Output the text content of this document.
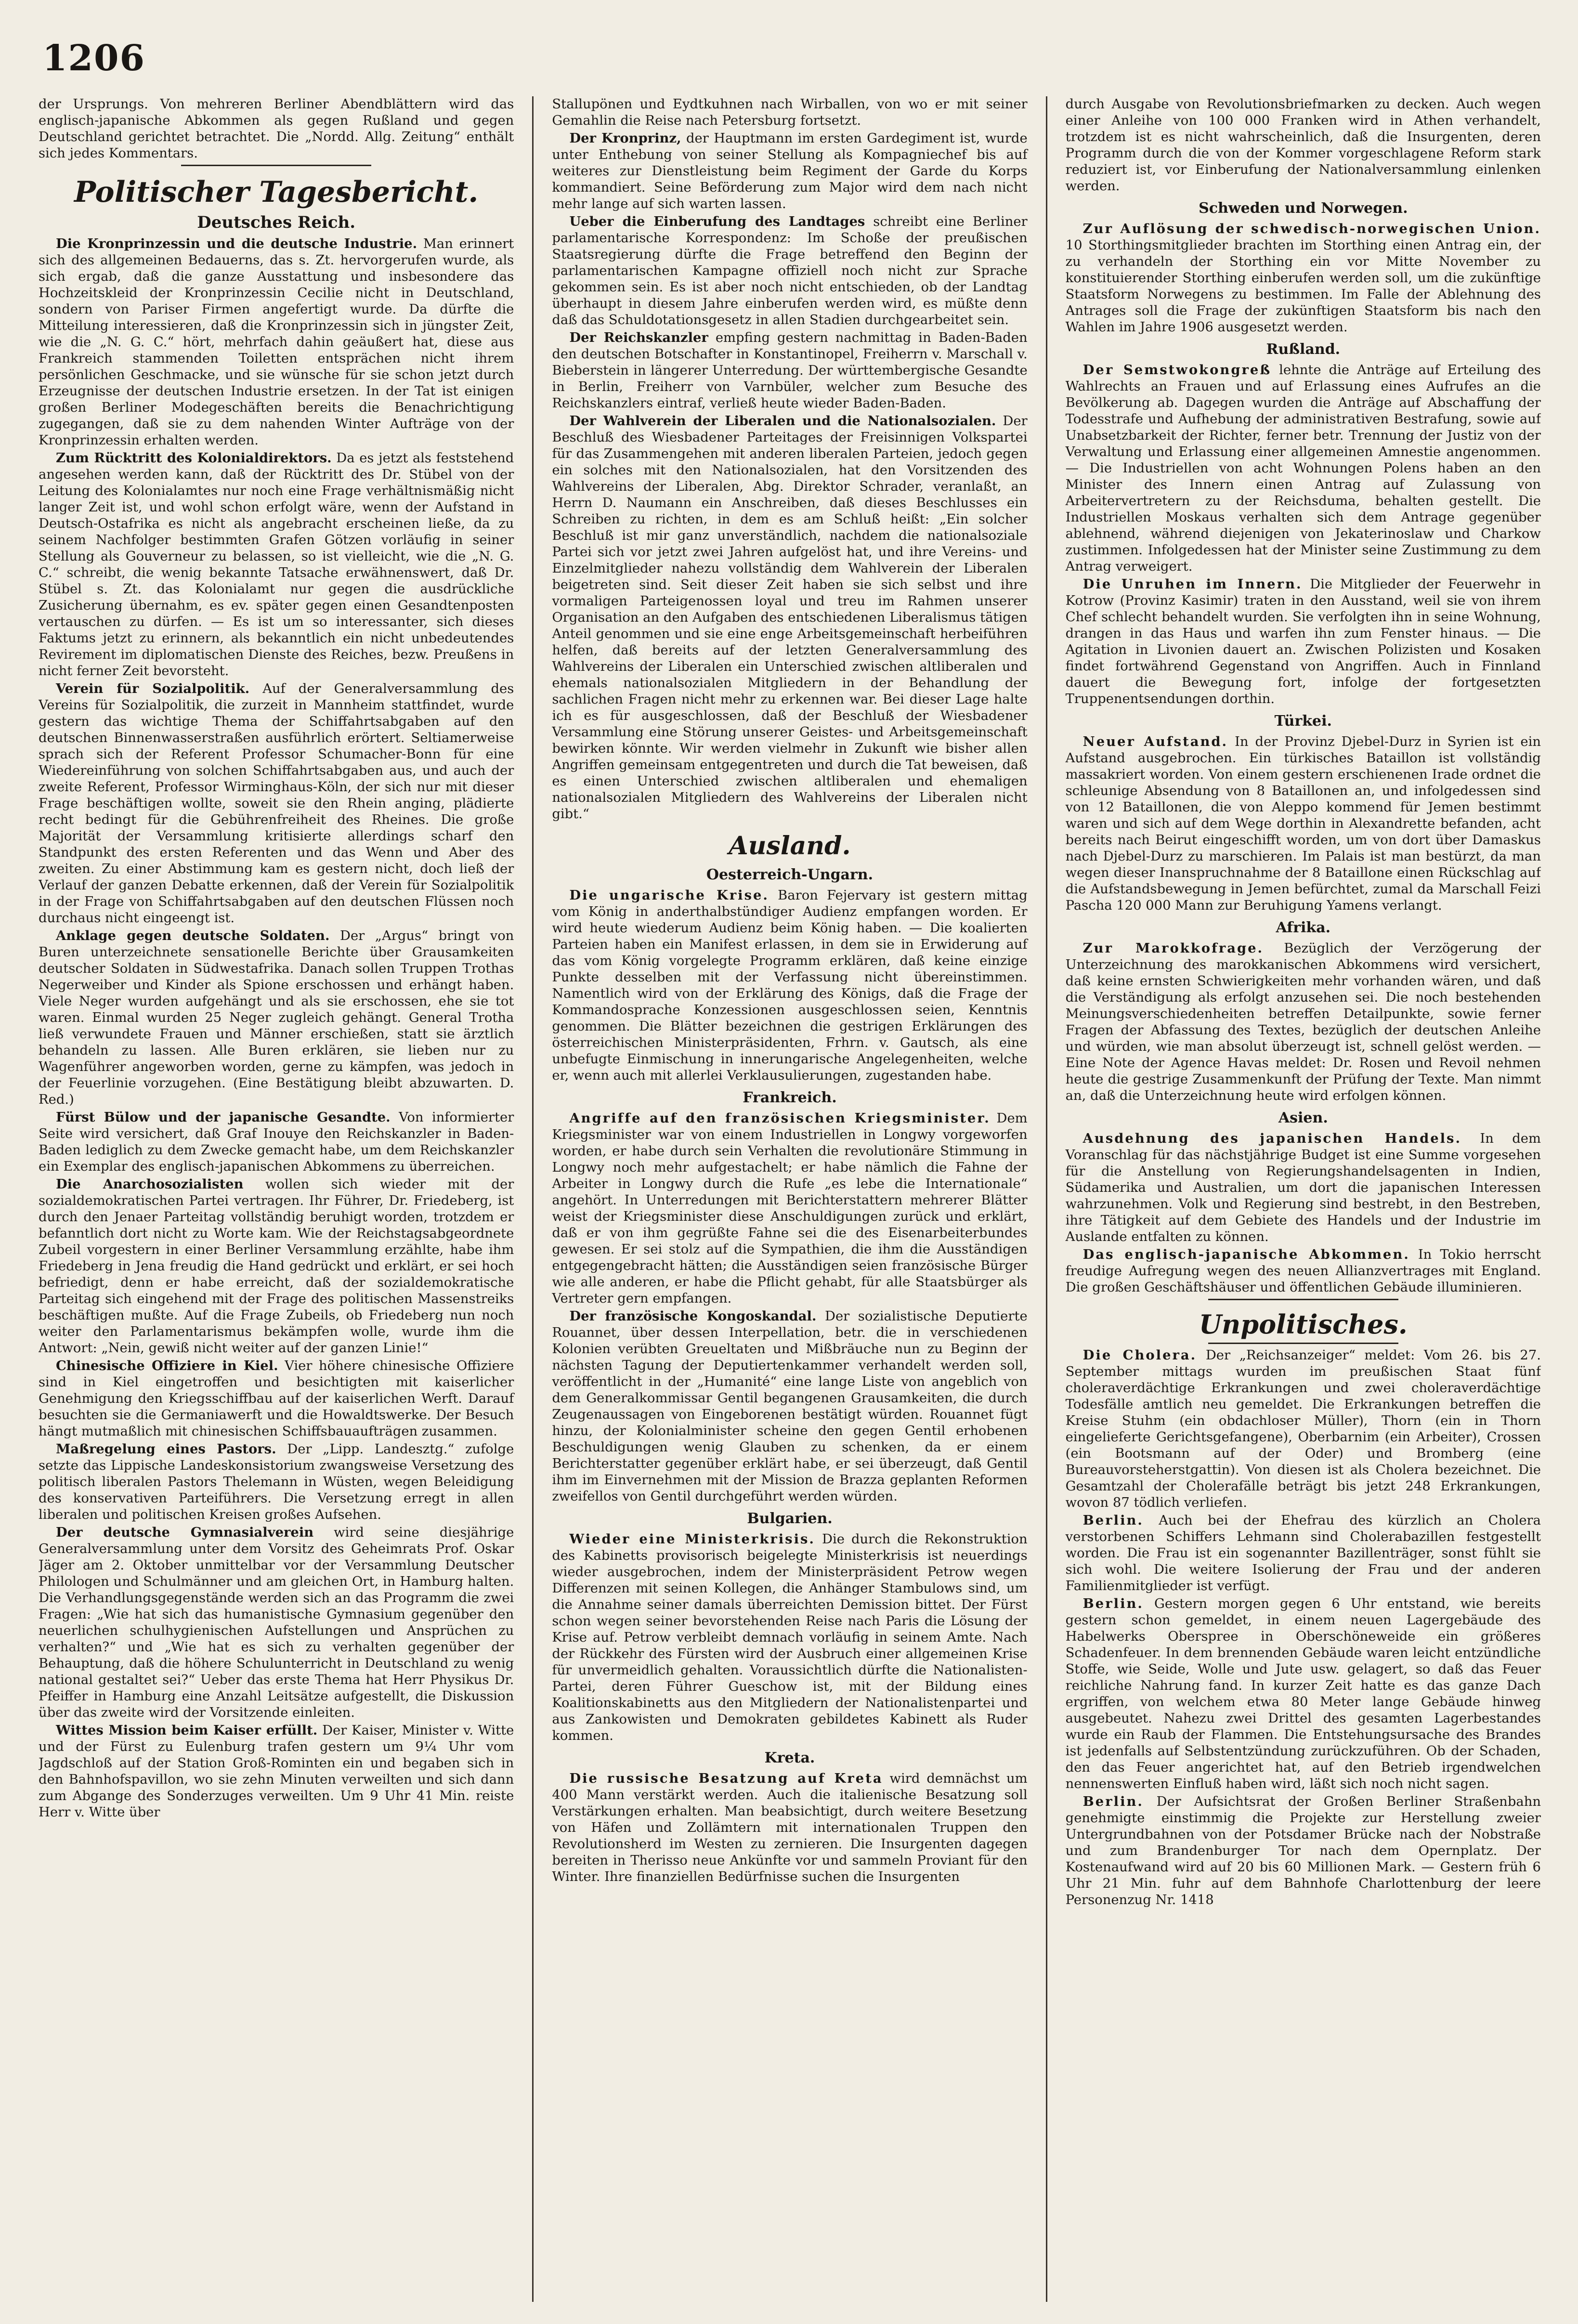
1206

der Ursprungs. Von mehreren Berliner Abendblättern wird das englisch-japanische Abkommen als gegen Rußland und gegen Deutschland gerichtet betrachtet. Die „Nordd. Allg. Zeitung“ enthält sich jedes Kommentars.

Politischer Tagesbericht.
Deutsches Reich.

Die Kronprinzessin und die deutsche Industrie. Man erinnert sich des allgemeinen Bedauerns, das s. Zt. hervorgerufen wurde, als sich ergab, daß die ganze Ausstattung und insbesondere das Hochzeitskleid der Kronprinzessin Cecilie nicht in Deutschland, sondern von Pariser Firmen angefertigt wurde. Da dürfte die Mitteilung interessieren, daß die Kronprinzessin sich in jüngster Zeit, wie die „N. G. C.“ hört, mehrfach dahin geäußert hat, diese aus Frankreich stammenden Toiletten entsprächen nicht ihrem persönlichen Geschmacke, und sie wünsche für sie schon jetzt durch Erzeugnisse der deutschen Industrie ersetzen. In der Tat ist einigen großen Berliner Modegeschäften bereits die Benachrichtigung zugegangen, daß sie zu dem nahenden Winter Aufträge von der Kronprinzessin erhalten werden.

Zum Rücktritt des Kolonialdirektors. Da es jetzt als feststehend angesehen werden kann, daß der Rücktritt des Dr. Stübel von der Leitung des Kolonialamtes nur noch eine Frage verhältnismäßig nicht langer Zeit ist, und wohl schon erfolgt wäre, wenn der Aufstand in Deutsch-Ostafrika es nicht als angebracht erscheinen ließe, da zu seinem Nachfolger bestimmten Grafen Götzen vorläufig in seiner Stellung als Gouverneur zu belassen, so ist vielleicht, wie die „N. G. C.“ schreibt, die wenig bekannte Tatsache erwähnenswert, daß Dr. Stübel s. Zt. das Kolonialamt nur gegen die ausdrückliche Zusicherung übernahm, es ev. später gegen einen Gesandtenposten vertauschen zu dürfen. — Es ist um so interessanter, sich dieses Faktums jetzt zu erinnern, als bekanntlich ein nicht unbedeutendes Revirement im diplomatischen Dienste des Reiches, bezw. Preußens in nicht ferner Zeit bevorsteht.

Verein für Sozialpolitik. Auf der Generalversammlung des Vereins für Sozialpolitik, die zurzeit in Mannheim stattfindet, wurde gestern das wichtige Thema der Schiffahrtsabgaben auf den deutschen Binnenwasserstraßen ausführlich erörtert. Seltiamerweise sprach sich der Referent Professor Schumacher-Bonn für eine Wiedereinführung von solchen Schiffahrtsabgaben aus, und auch der zweite Referent, Professor Wirminghaus-Köln, der sich nur mit dieser Frage beschäftigen wollte, soweit sie den Rhein anging, plädierte recht bedingt für die Gebührenfreiheit des Rheines. Die große Majorität der Versammlung kritisierte allerdings scharf den Standpunkt des ersten Referenten und das Wenn und Aber des zweiten. Zu einer Abstimmung kam es gestern nicht, doch ließ der Verlauf der ganzen Debatte erkennen, daß der Verein für Sozialpolitik in der Frage von Schiffahrtsabgaben auf den deutschen Flüssen noch durchaus nicht eingeengt ist.

Anklage gegen deutsche Soldaten. Der „Argus“ bringt von Buren unterzeichnete sensationelle Berichte über Grausamkeiten deutscher Soldaten in Südwestafrika. Danach sollen Truppen Trothas Negerweiber und Kinder als Spione erschossen und erhängt haben. Viele Neger wurden aufgehängt und als sie erschossen, ehe sie tot waren. Einmal wurden 25 Neger zugleich gehängt. General Trotha ließ verwundete Frauen und Männer erschießen, statt sie ärztlich behandeln zu lassen. Alle Buren erklären, sie lieben nur zu Wagenführer angeworben worden, gerne zu kämpfen, was jedoch in der Feuerlinie vorzugehen. (Eine Bestätigung bleibt abzuwarten. D. Red.)

Fürst Bülow und der japanische Gesandte. Von informierter Seite wird versichert, daß Graf Inouye den Reichskanzler in Baden-Baden lediglich zu dem Zwecke gemacht habe, um dem Reichskanzler ein Exemplar des englisch-japanischen Abkommens zu überreichen.

Die Anarchosozialisten wollen sich wieder mit der sozialdemokratischen Partei vertragen. Ihr Führer, Dr. Friedeberg, ist durch den Jenaer Parteitag vollständig beruhigt worden, trotzdem er befanntlich dort nicht zu Worte kam. Wie der Reichstagsabgeordnete Zubeil vorgestern in einer Berliner Versammlung erzählte, habe ihm Friedeberg in Jena freudig die Hand gedrückt und erklärt, er sei hoch befriedigt, denn er habe erreicht, daß der sozialdemokratische Parteitag sich eingehend mit der Frage des politischen Massenstreiks beschäftigen mußte. Auf die Frage Zubeils, ob Friedeberg nun noch weiter den Parlamentarismus bekämpfen wolle, wurde ihm die Antwort: „Nein, gewiß nicht weiter auf der ganzen Linie!“

Chinesische Offiziere in Kiel. Vier höhere chinesische Offiziere sind in Kiel eingetroffen und besichtigten mit kaiserlicher Genehmigung den Kriegsschiffbau auf der kaiserlichen Werft. Darauf besuchten sie die Germaniawerft und die Howaldtswerke. Der Besuch hängt mutmaßlich mit chinesischen Schiffsbauaufträgen zusammen.

Maßregelung eines Pastors. Der „Lipp. Landesztg.“ zufolge setzte das Lippische Landeskonsistorium zwangsweise Versetzung des politisch liberalen Pastors Thelemann in Wüsten, wegen Beleidigung des konservativen Parteiführers. Die Versetzung erregt in allen liberalen und politischen Kreisen großes Aufsehen.

Der deutsche Gymnasialverein wird seine diesjährige Generalversammlung unter dem Vorsitz des Geheimrats Prof. Oskar Jäger am 2. Oktober unmittelbar vor der Versammlung Deutscher Philologen und Schulmänner und am gleichen Ort, in Hamburg halten. Die Verhandlungsgegenstände werden sich an das Programm die zwei Fragen: „Wie hat sich das humanistische Gymnasium gegenüber den neuerlichen schulhygienischen Aufstellungen und Ansprüchen zu verhalten?“ und „Wie hat es sich zu verhalten gegenüber der Behauptung, daß die höhere Schulunterricht in Deutschland zu wenig national gestaltet sei?“ Ueber das erste Thema hat Herr Physikus Dr. Pfeiffer in Hamburg eine Anzahl Leitsätze aufgestellt, die Diskussion über das zweite wird der Vorsitzende einleiten.

Wittes Mission beim Kaiser erfüllt. Der Kaiser, Minister v. Witte und der Fürst zu Eulenburg trafen gestern um 9¼ Uhr vom Jagdschloß auf der Station Groß-Rominten ein und begaben sich in den Bahnhofspavillon, wo sie zehn Minuten verweilten und sich dann zum Abgange des Sonderzuges verweilten. Um 9 Uhr 41 Min. reiste Herr v. Witte über

Stallupönen und Eydtkuhnen nach Wirballen, von wo er mit seiner Gemahlin die Reise nach Petersburg fortsetzt.

Der Kronprinz, der Hauptmann im ersten Gardegiment ist, wurde unter Enthebung von seiner Stellung als Kompagniechef bis auf weiteres zur Dienstleistung beim Regiment der Garde du Korps kommandiert. Seine Beförderung zum Major wird dem nach nicht mehr lange auf sich warten lassen.

Ueber die Einberufung des Landtages schreibt eine Berliner parlamentarische Korrespondenz: Im Schoße der preußischen Staatsregierung dürfte die Frage betreffend den Beginn der parlamentarischen Kampagne offiziell noch nicht zur Sprache gekommen sein. Es ist aber noch nicht entschieden, ob der Landtag überhaupt in diesem Jahre einberufen werden wird, es müßte denn daß das Schuldotationsgesetz in allen Stadien durchgearbeitet sein.

Der Reichskanzler empfing gestern nachmittag in Baden-Baden den deutschen Botschafter in Konstantinopel, Freiherrn v. Marschall v. Bieberstein in längerer Unterredung. Der württembergische Gesandte in Berlin, Freiherr von Varnbüler, welcher zum Besuche des Reichskanzlers eintraf, verließ heute wieder Baden-Baden.

Der Wahlverein der Liberalen und die Nationalsozialen. Der Beschluß des Wiesbadener Parteitages der Freisinnigen Volkspartei für das Zusammengehen mit anderen liberalen Parteien, jedoch gegen ein solches mit den Nationalsozialen, hat den Vorsitzenden des Wahlvereins der Liberalen, Abg. Direktor Schrader, veranlaßt, an Herrn D. Naumann ein Anschreiben, daß dieses Beschlusses ein Schreiben zu richten, in dem es am Schluß heißt: „Ein solcher Beschluß ist mir ganz unverständlich, nachdem die nationalsoziale Partei sich vor jetzt zwei Jahren aufgelöst hat, und ihre Vereins- und Einzelmitglieder nahezu vollständig dem Wahlverein der Liberalen beigetreten sind. Seit dieser Zeit haben sie sich selbst und ihre vormaligen Parteigenossen loyal und treu im Rahmen unserer Organisation an den Aufgaben des entschiedenen Liberalismus tätigen Anteil genommen und sie eine enge Arbeitsgemeinschaft herbeiführen helfen, daß bereits auf der letzten Generalversammlung des Wahlvereins der Liberalen ein Unterschied zwischen altliberalen und ehemals nationalsozialen Mitgliedern in der Behandlung der sachlichen Fragen nicht mehr zu erkennen war. Bei dieser Lage halte ich es für ausgeschlossen, daß der Beschluß der Wiesbadener Versammlung eine Störung unserer Geistes- und Arbeitsgemeinschaft bewirken könnte. Wir werden vielmehr in Zukunft wie bisher allen Angriffen gemeinsam entgegentreten und durch die Tat beweisen, daß es einen Unterschied zwischen altliberalen und ehemaligen nationalsozialen Mitgliedern des Wahlvereins der Liberalen nicht gibt.“

Ausland.
Oesterreich-Ungarn.

Die ungarische Krise. Baron Fejervary ist gestern mittag vom König in anderthalbstündiger Audienz empfangen worden. Er wird heute wiederum Audienz beim König haben. — Die koalierten Parteien haben ein Manifest erlassen, in dem sie in Erwiderung auf das vom König vorgelegte Programm erklären, daß keine einzige Punkte desselben mit der Verfassung nicht übereinstimmen. Namentlich wird von der Erklärung des Königs, daß die Frage der Kommandosprache Konzessionen ausgeschlossen seien, Kenntnis genommen. Die Blätter bezeichnen die gestrigen Erklärungen des österreichischen Ministerpräsidenten, Frhrn. v. Gautsch, als eine unbefugte Einmischung in innerungarische Angelegenheiten, welche er, wenn auch mit allerlei Verklausulierungen, zugestanden habe.

Frankreich.

Angriffe auf den französischen Kriegsminister. Dem Kriegsminister war von einem Industriellen in Longwy vorgeworfen worden, er habe durch sein Verhalten die revolutionäre Stimmung in Longwy noch mehr aufgestachelt; er habe nämlich die Fahne der Arbeiter in Longwy durch die Rufe „es lebe die Internationale“ angehört. In Unterredungen mit Berichterstattern mehrerer Blätter weist der Kriegsminister diese Anschuldigungen zurück und erklärt, daß er von ihm gegrüßte Fahne sei die des Eisenarbeiterbundes gewesen. Er sei stolz auf die Sympathien, die ihm die Ausständigen entgegengebracht hätten; die Ausständigen seien französische Bürger wie alle anderen, er habe die Pflicht gehabt, für alle Staatsbürger als Vertreter gern empfangen.

Der französische Kongoskandal. Der sozialistische Deputierte Rouannet, über dessen Interpellation, betr. die in verschiedenen Kolonien verübten Greueltaten und Mißbräuche nun zu Beginn der nächsten Tagung der Deputiertenkammer verhandelt werden soll, veröffentlicht in der „Humanité“ eine lange Liste von angeblich von dem Generalkommissar Gentil begangenen Grausamkeiten, die durch Zeugenaussagen von Eingeborenen bestätigt würden. Rouannet fügt hinzu, der Kolonialminister scheine den gegen Gentil erhobenen Beschuldigungen wenig Glauben zu schenken, da er einem Berichterstatter gegenüber erklärt habe, er sei überzeugt, daß Gentil ihm im Einvernehmen mit der Mission de Brazza geplanten Reformen zweifellos von Gentil durchgeführt werden würden.

Bulgarien.

Wieder eine Ministerkrisis. Die durch die Rekonstruktion des Kabinetts provisorisch beigelegte Ministerkrisis ist neuerdings wieder ausgebrochen, indem der Ministerpräsident Petrow wegen Differenzen mit seinen Kollegen, die Anhänger Stambulows sind, um die Annahme seiner damals überreichten Demission bittet. Der Fürst schon wegen seiner bevorstehenden Reise nach Paris die Lösung der Krise auf. Petrow verbleibt demnach vorläufig in seinem Amte. Nach der Rückkehr des Fürsten wird der Ausbruch einer allgemeinen Krise für unvermeidlich gehalten. Voraussichtlich dürfte die Nationalisten-Partei, deren Führer Gueschow ist, mit der Bildung eines Koalitionskabinetts aus den Mitgliedern der Nationalistenpartei und aus Zankowisten und Demokraten gebildetes Kabinett als Ruder kommen.

Kreta.

Die russische Besatzung auf Kreta wird demnächst um 400 Mann verstärkt werden. Auch die italienische Besatzung soll Verstärkungen erhalten. Man beabsichtigt, durch weitere Besetzung von Häfen und Zollämtern mit internationalen Truppen den Revolutionsherd im Westen zu zernieren. Die Insurgenten dagegen bereiten in Therisso neue Ankünfte vor und sammeln Proviant für den Winter. Ihre finanziellen Bedürfnisse suchen die Insurgenten

durch Ausgabe von Revolutionsbriefmarken zu decken. Auch wegen einer Anleihe von 100 000 Franken wird in Athen verhandelt, trotzdem ist es nicht wahrscheinlich, daß die Insurgenten, deren Programm durch die von der Kommer vorgeschlagene Reform stark reduziert ist, vor Einberufung der Nationalversammlung einlenken werden.

Schweden und Norwegen.

Zur Auflösung der schwedisch-norwegischen Union. 10 Storthingsmitglieder brachten im Storthing einen Antrag ein, der zu verhandeln der Storthing ein vor Mitte November zu konstituierender Storthing einberufen werden soll, um die zukünftige Staatsform Norwegens zu bestimmen. Im Falle der Ablehnung des Antrages soll die Frage der zukünftigen Staatsform bis nach den Wahlen im Jahre 1906 ausgesetzt werden.

Rußland.

Der Semstwokongreß lehnte die Anträge auf Erteilung des Wahlrechts an Frauen und auf Erlassung eines Aufrufes an die Bevölkerung ab. Dagegen wurden die Anträge auf Abschaffung der Todesstrafe und Aufhebung der administrativen Bestrafung, sowie auf Unabsetzbarkeit der Richter, ferner betr. Trennung der Justiz von der Verwaltung und Erlassung einer allgemeinen Amnestie angenommen. — Die Industriellen von acht Wohnungen Polens haben an den Minister des Innern einen Antrag auf Zulassung von Arbeitervertretern zu der Reichsduma, behalten gestellt. Die Industriellen Moskaus verhalten sich dem Antrage gegenüber ablehnend, während diejenigen von Jekaterinoslaw und Charkow zustimmen. Infolgedessen hat der Minister seine Zustimmung zu dem Antrag verweigert.

Die Unruhen im Innern. Die Mitglieder der Feuerwehr in Kotrow (Provinz Kasimir) traten in den Ausstand, weil sie von ihrem Chef schlecht behandelt wurden. Sie verfolgten ihn in seine Wohnung, drangen in das Haus und warfen ihn zum Fenster hinaus. — Die Agitation in Livonien dauert an. Zwischen Polizisten und Kosaken findet fortwährend Gegenstand von Angriffen. Auch in Finnland dauert die Bewegung fort, infolge der fortgesetzten Truppenentsendungen dorthin.

Türkei.

Neuer Aufstand. In der Provinz Djebel-Durz in Syrien ist ein Aufstand ausgebrochen. Ein türkisches Bataillon ist vollständig massakriert worden. Von einem gestern erschienenen Irade ordnet die schleunige Absendung von 8 Bataillonen an, und infolgedessen sind von 12 Bataillonen, die von Aleppo kommend für Jemen bestimmt waren und sich auf dem Wege dorthin in Alexandrette befanden, acht bereits nach Beirut eingeschifft worden, um von dort über Damaskus nach Djebel-Durz zu marschieren. Im Palais ist man bestürzt, da man wegen dieser Inanspruchnahme der 8 Bataillone einen Rückschlag auf die Aufstandsbewegung in Jemen befürchtet, zumal da Marschall Feizi Pascha 120 000 Mann zur Beruhigung Yamens verlangt.

Afrika.

Zur Marokkofrage. Bezüglich der Verzögerung der Unterzeichnung des marokkanischen Abkommens wird versichert, daß keine ernsten Schwierigkeiten mehr vorhanden wären, und daß die Verständigung als erfolgt anzusehen sei. Die noch bestehenden Meinungsverschiedenheiten betreffen Detailpunkte, sowie ferner Fragen der Abfassung des Textes, bezüglich der deutschen Anleihe und würden, wie man absolut überzeugt ist, schnell gelöst werden. — Eine Note der Agence Havas meldet: Dr. Rosen und Revoil nehmen heute die gestrige Zusammenkunft der Prüfung der Texte. Man nimmt an, daß die Unterzeichnung heute wird erfolgen können.

Asien.

Ausdehnung des japanischen Handels. In dem Voranschlag für das nächstjährige Budget ist eine Summe vorgesehen für die Anstellung von Regierungshandelsagenten in Indien, Südamerika und Australien, um dort die japanischen Interessen wahrzunehmen. Volk und Regierung sind bestrebt, in den Bestreben, ihre Tätigkeit auf dem Gebiete des Handels und der Industrie im Auslande entfalten zu können.

Das englisch-japanische Abkommen. In Tokio herrscht freudige Aufregung wegen des neuen Allianzvertrages mit England. Die großen Geschäftshäuser und öffentlichen Gebäude illuminieren.

Unpolitisches.

Die Cholera. Der „Reichsanzeiger“ meldet: Vom 26. bis 27. September mittags wurden im preußischen Staat fünf choleraverdächtige Erkrankungen und zwei choleraverdächtige Todesfälle amtlich neu gemeldet. Die Erkrankungen betreffen die Kreise Stuhm (ein obdachloser Müller), Thorn (ein in Thorn eingelieferte Gerichtsgefangene), Oberbarnim (ein Arbeiter), Crossen (ein Bootsmann auf der Oder) und Bromberg (eine Bureauvorsteherstgattin). Von diesen ist als Cholera bezeichnet. Die Gesamtzahl der Cholerafälle beträgt bis jetzt 248 Erkrankungen, wovon 87 tödlich verliefen.

Berlin. Auch bei der Ehefrau des kürzlich an Cholera verstorbenen Schiffers Lehmann sind Cholerabazillen festgestellt worden. Die Frau ist ein sogenannter Bazillenträger, sonst fühlt sie sich wohl. Die weitere Isolierung der Frau und der anderen Familienmitglieder ist verfügt.

Berlin. Gestern morgen gegen 6 Uhr entstand, wie bereits gestern schon gemeldet, in einem neuen Lagergebäude des Habelwerks Oberspree in Oberschöneweide ein größeres Schadenfeuer. In dem brennenden Gebäude waren leicht entzündliche Stoffe, wie Seide, Wolle und Jute usw. gelagert, so daß das Feuer reichliche Nahrung fand. In kurzer Zeit hatte es das ganze Dach ergriffen, von welchem etwa 80 Meter lange Gebäude hinweg ausgebeutet. Nahezu zwei Drittel des gesamten Lagerbestandes wurde ein Raub der Flammen. Die Entstehungsursache des Brandes ist jedenfalls auf Selbstentzündung zurückzuführen. Ob der Schaden, den das Feuer angerichtet hat, auf den Betrieb irgendwelchen nennenswerten Einfluß haben wird, läßt sich noch nicht sagen.

Berlin. Der Aufsichtsrat der Großen Berliner Straßenbahn genehmigte einstimmig die Projekte zur Herstellung zweier Untergrundbahnen von der Potsdamer Brücke nach der Nobstraße und zum Brandenburger Tor nach dem Opernplatz. Der Kostenaufwand wird auf 20 bis 60 Millionen Mark. — Gestern früh 6 Uhr 21 Min. fuhr auf dem Bahnhofe Charlottenburg der leere Personenzug Nr. 1418
